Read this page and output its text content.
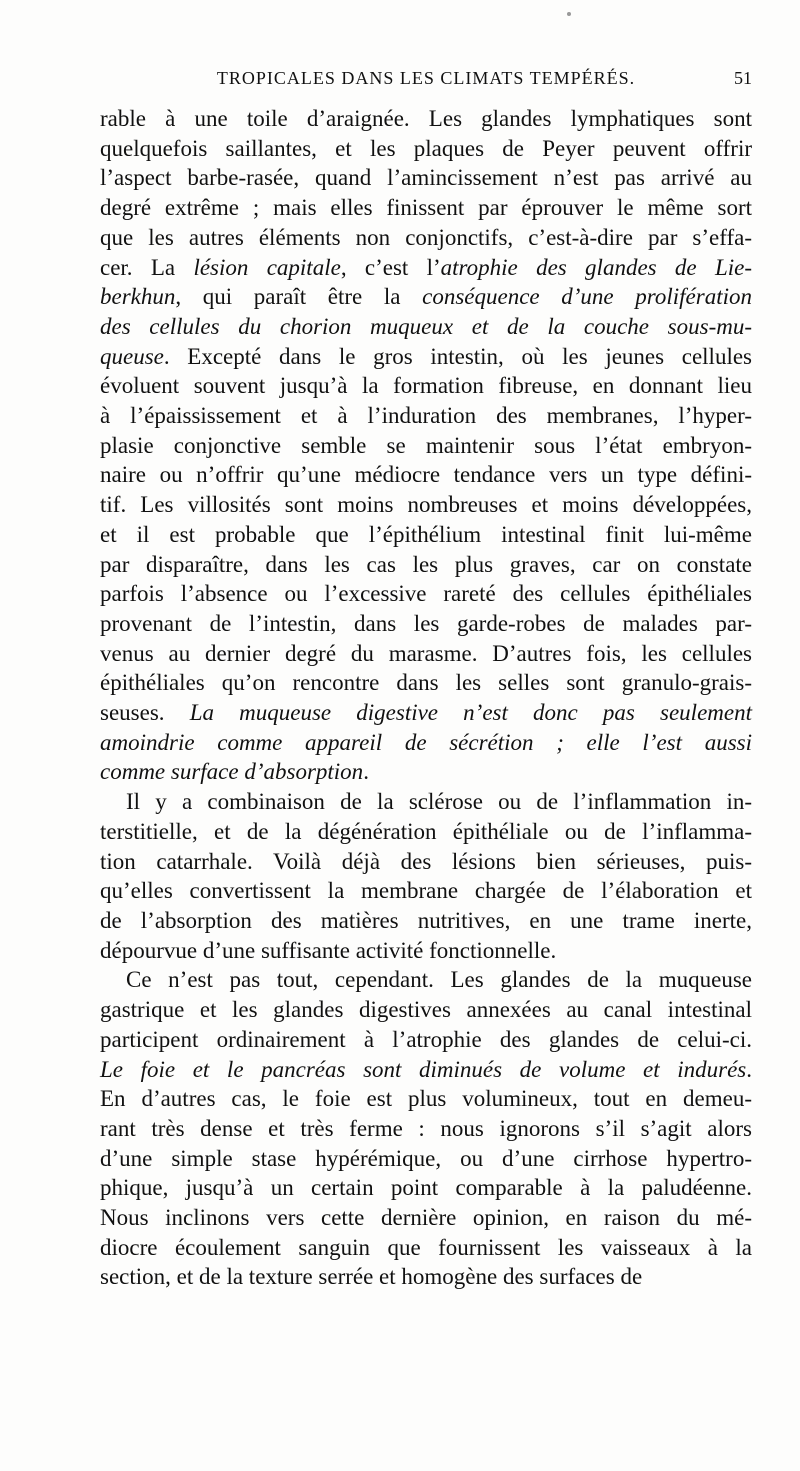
TROPICALES DANS LES CLIMATS TEMPÉRÉS.	51
rable à une toile d’araignée. Les glandes lymphatiques sont
quelquefois saillantes, et les plaques de Peyer peuvent offrir
l’aspect barbe-rasée, quand l’amincissement n’est pas arrivé au
degré extrême ; mais elles finissent par éprouver le même sort
que les autres éléments non conjonctifs, c’est-à-dire par s’effa-
cer. La lésion capitale, c’est l’atrophie des glandes de Lie-
berkhun, qui paraît être la conséquence d’une prolifération
des cellules du chorion muqueux et de la couche sous-mu-
queuse. Excepté dans le gros intestin, où les jeunes cellules
évoluent souvent jusqu’à la formation fibreuse, en donnant lieu
à l’épaississement et à l’induration des membranes, l’hyper-
plasie conjonctive semble se maintenir sous l’état embryon-
naire ou n’offrir qu’une médiocre tendance vers un type défini-
tif. Les villosités sont moins nombreuses et moins développées,
et il est probable que l’épithélium intestinal finit lui-même
par disparaître, dans les cas les plus graves, car on constate
parfois l’absence ou l’excessive rareté des cellules épithéliales
provenant de l’intestin, dans les garde-robes de malades par-
venus au dernier degré du marasme. D’autres fois, les cellules
épithéliales qu’on rencontre dans les selles sont granulo-grais-
seuses. La muqueuse digestive n’est donc pas seulement
amoindrie comme appareil de sécrétion ; elle l’est aussi
comme surface d’absorption.
Il y a combinaison de la sclérose ou de l’inflammation in-
terstitielle, et de la dégénération épithéliale ou de l’inflamma-
tion catarrhale. Voilà déjà des lésions bien sérieuses, puis-
qu’elles convertissent la membrane chargée de l’élaboration et
de l’absorption des matières nutritives, en une trame inerte,
dépourvue d’une suffisante activité fonctionnelle.
Ce n’est pas tout, cependant. Les glandes de la muqueuse
gastrique et les glandes digestives annexées au canal intestinal
participent ordinairement à l’atrophie des glandes de celui-ci.
Le foie et le pancréas sont diminués de volume et indurés.
En d’autres cas, le foie est plus volumineux, tout en demeu-
rant très dense et très ferme : nous ignorons s’il s’agit alors
d’une simple stase hypérémique, ou d’une cirrhose hypertro-
phique, jusqu’à un certain point comparable à la paludéenne.
Nous inclinons vers cette dernière opinion, en raison du mé-
diocre écoulement sanguin que fournissent les vaisseaux à la
section, et de la texture serrée et homogène des surfaces de
